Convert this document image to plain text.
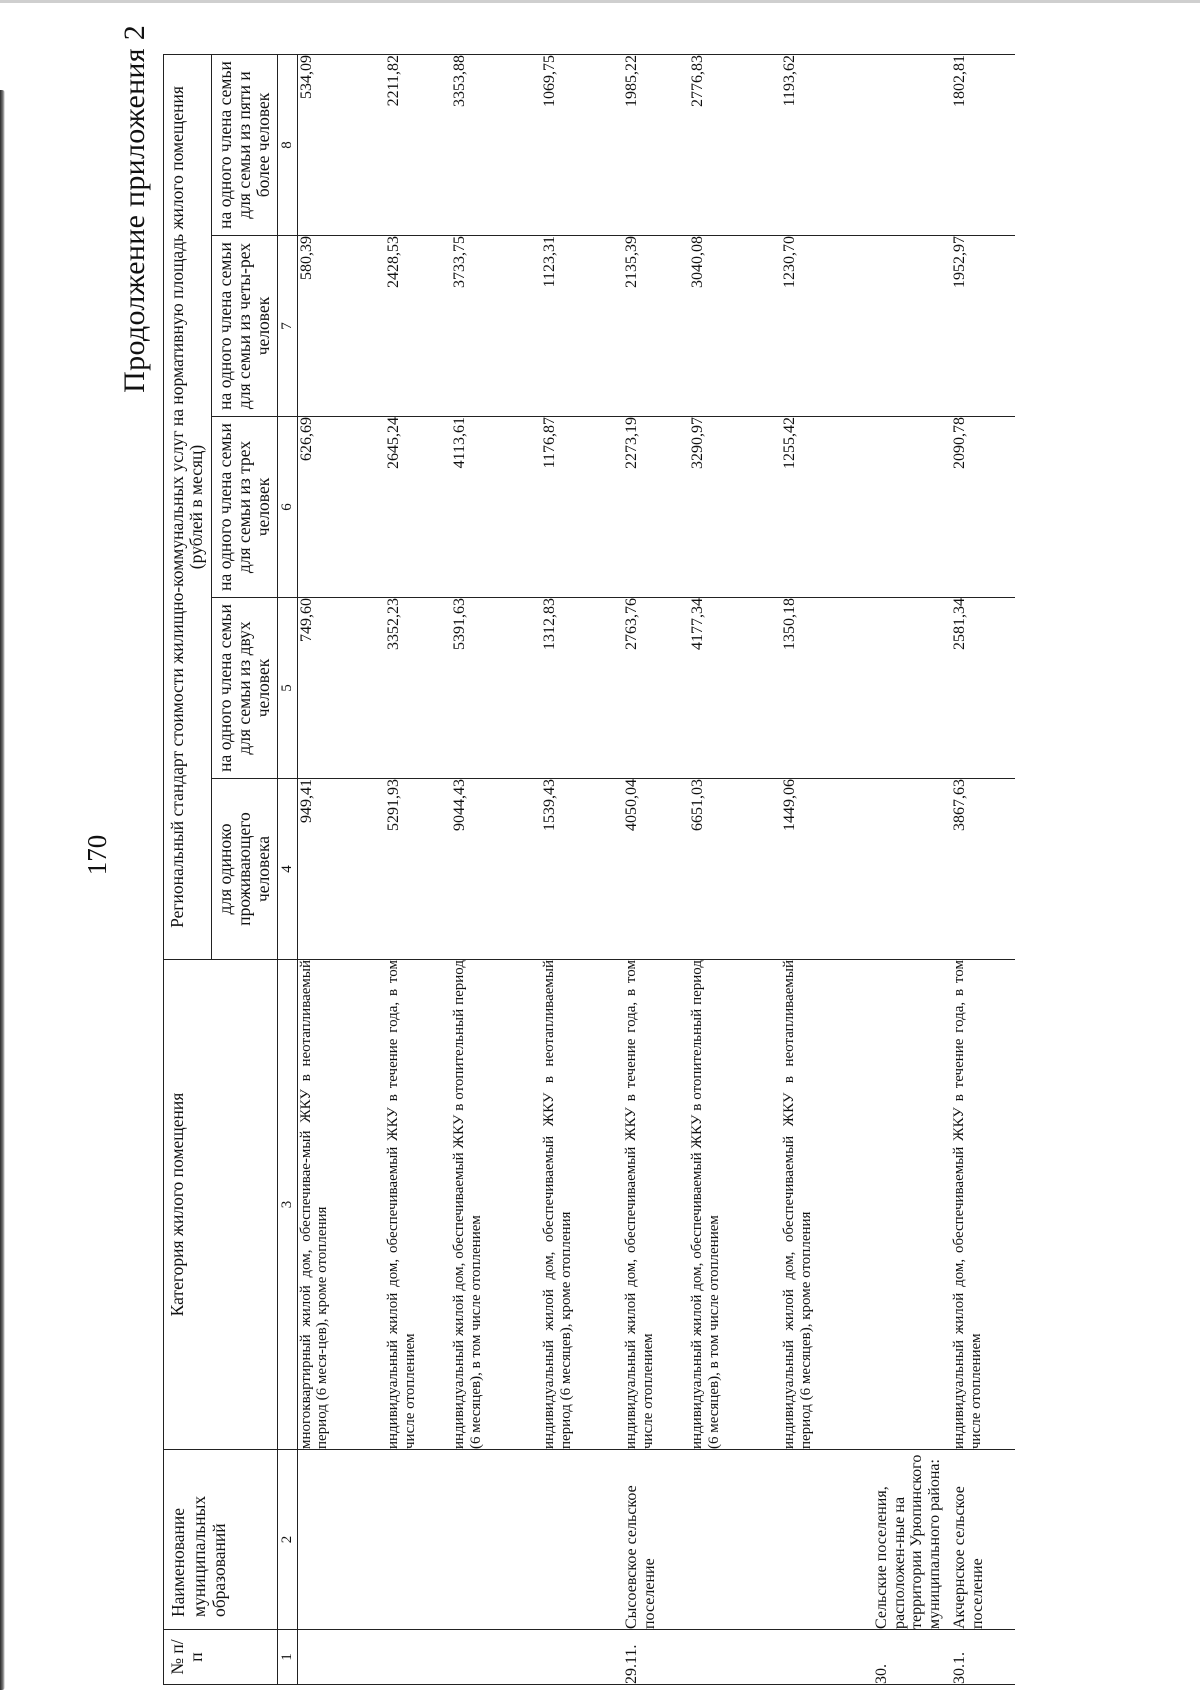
170
Продолжение приложения 2
№ п/п	Наименование муниципальных образований	Категория жилого помещения	Региональный стандарт стоимости жилищно-коммунальных услуг на нормативную площадь жилого помещения (рублей в месяц)				
			для одиноко проживающего человека	на одного члена семьи для семьи из двух человек	на одного члена семьи для семьи из трех человек	на одного члена семьи для семьи из четы-рех человек	на одного члена семьи для семьи из пяти и более человек
1	2	3	4	5	6	7	8
		многоквартирный жилой дом, обеспечивае-мый ЖКУ в неотапливаемый период (6 меся-цев), кроме отопления	949,41	749,60	626,69	580,39	534,09
		индивидуальный жилой дом, обеспечиваемый ЖКУ в течение года, в том числе отоплением	5291,93	3352,23	2645,24	2428,53	2211,82
		индивидуальный жилой дом, обеспечиваемый ЖКУ в отопительный период (6 месяцев), в том числе отоплением	9044,43	5391,63	4113,61	3733,75	3353,88
		индивидуальный жилой дом, обеспечиваемый ЖКУ в неотапливаемый период (6 месяцев), кроме отопления	1539,43	1312,83	1176,87	1123,31	1069,75
29.11.	Сысоевское сельское поселение	индивидуальный жилой дом, обеспечиваемый ЖКУ в течение года, в том числе отоплением	4050,04	2763,76	2273,19	2135,39	1985,22
		индивидуальный жилой дом, обеспечиваемый ЖКУ в отопительный период (6 месяцев), в том числе отоплением	6651,03	4177,34	3290,97	3040,08	2776,83
		индивидуальный жилой дом, обеспечиваемый ЖКУ в неотапливаемый период (6 месяцев), кроме отопления	1449,06	1350,18	1255,42	1230,70	1193,62
30.	Сельские поселения, расположен-ные на территории Урюпинского муниципального района:						
30.1.	Акчернское сельское поселение	индивидуальный жилой дом, обеспечиваемый ЖКУ в течение года, в том числе отоплением	3867,63	2581,34	2090,78	1952,97	1802,81
